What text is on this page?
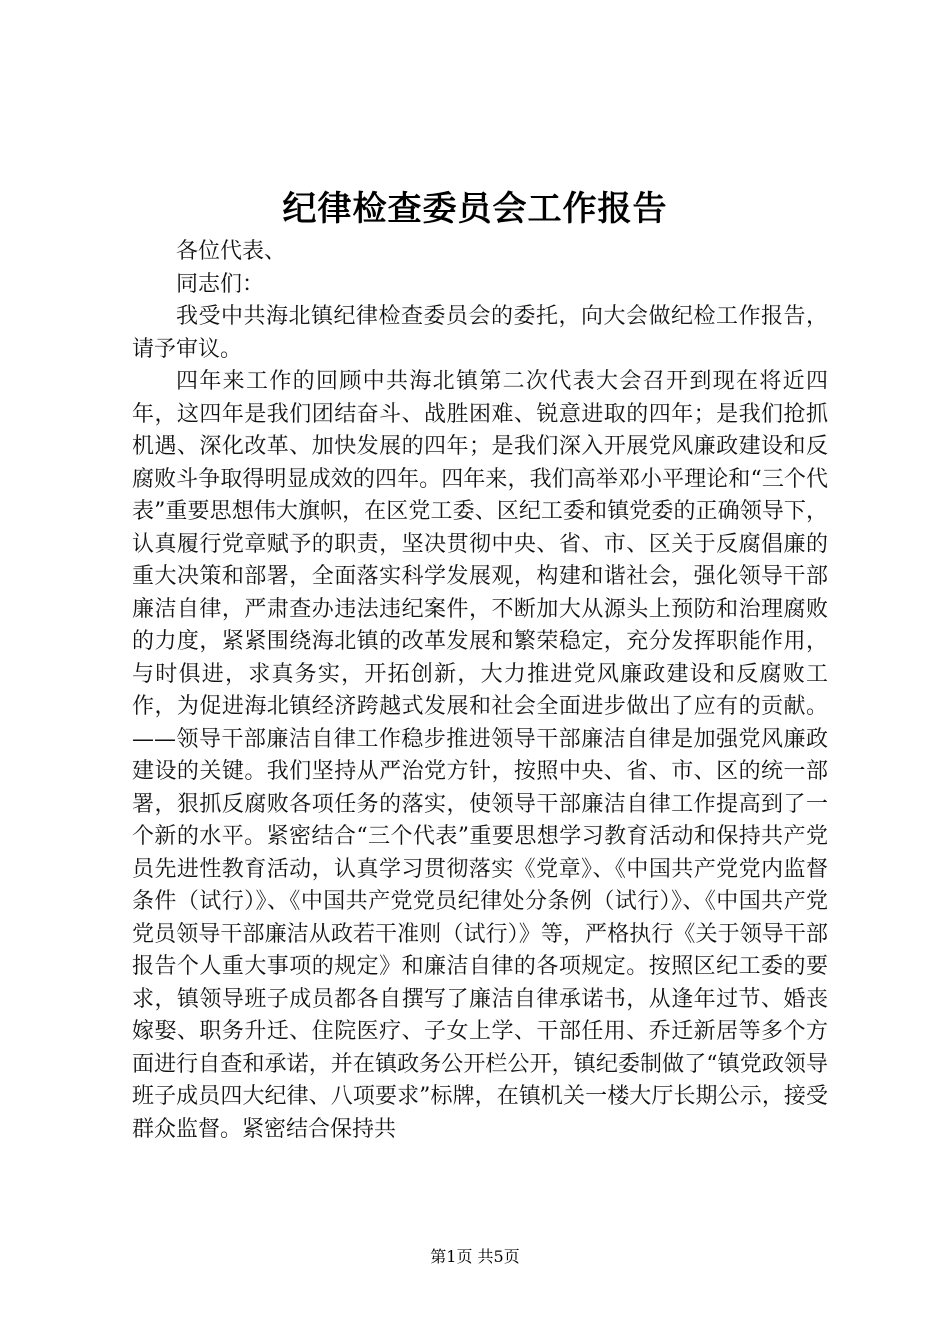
纪律检查委员会工作报告

各位代表、

同志们：

我受中共海北镇纪律检查委员会的委托，向大会做纪检工作报告，请予审议。

四年来工作的回顾中共海北镇第二次代表大会召开到现在将近四年，这四年是我们团结奋斗、战胜困难、锐意进取的四年；是我们抢抓机遇、深化改革、加快发展的四年；是我们深入开展党风廉政建设和反腐败斗争取得明显成效的四年。四年来，我们高举邓小平理论和“三个代表”重要思想伟大旗帜，在区党工委、区纪工委和镇党委的正确领导下，认真履行党章赋予的职责，坚决贯彻中央、省、市、区关于反腐倡廉的重大决策和部署，全面落实科学发展观，构建和谐社会，强化领导干部廉洁自律，严肃查办违法违纪案件，不断加大从源头上预防和治理腐败的力度，紧紧围绕海北镇的改革发展和繁荣稳定，充分发挥职能作用，与时俱进，求真务实，开拓创新，大力推进党风廉政建设和反腐败工作，为促进海北镇经济跨越式发展和社会全面进步做出了应有的贡献。——领导干部廉洁自律工作稳步推进领导干部廉洁自律是加强党风廉政建设的关键。我们坚持从严治党方针，按照中央、省、市、区的统一部署，狠抓反腐败各项任务的落实，使领导干部廉洁自律工作提高到了一个新的水平。紧密结合“三个代表”重要思想学习教育活动和保持共产党员先进性教育活动，认真学习贯彻落实《党章》、《中国共产党党内监督条件（试行）》、《中国共产党党员纪律处分条例（试行）》、《中国共产党党员领导干部廉洁从政若干准则（试行）》等，严格执行《关于领导干部报告个人重大事项的规定》和廉洁自律的各项规定。按照区纪工委的要求，镇领导班子成员都各自撰写了廉洁自律承诺书，从逢年过节、婚丧嫁娶、职务升迁、住院医疗、子女上学、干部任用、乔迁新居等多个方面进行自查和承诺，并在镇政务公开栏公开，镇纪委制做了“镇党政领导班子成员四大纪律、八项要求”标牌，在镇机关一楼大厅长期公示，接受群众监督。紧密结合保持共

第1页 共5页
